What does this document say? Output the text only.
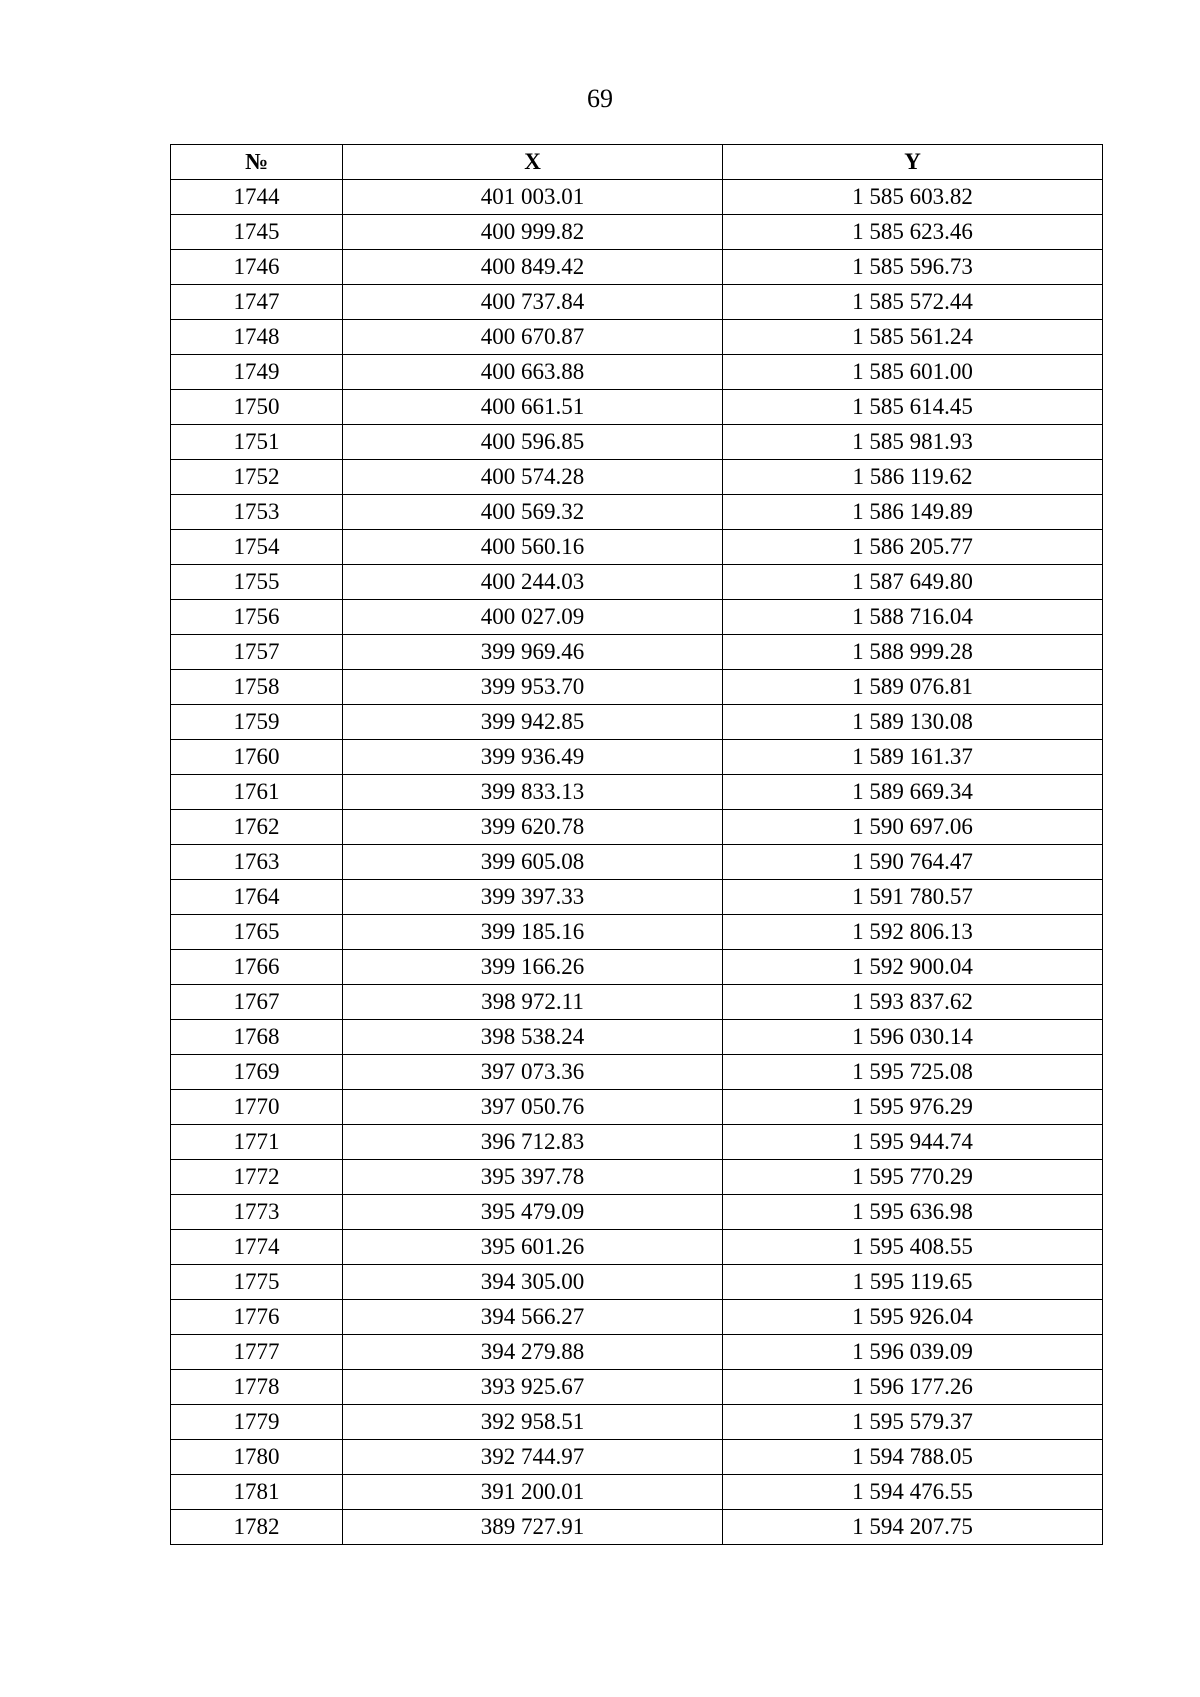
69
№	X	Y
1744	401 003.01	1 585 603.82
1745	400 999.82	1 585 623.46
1746	400 849.42	1 585 596.73
1747	400 737.84	1 585 572.44
1748	400 670.87	1 585 561.24
1749	400 663.88	1 585 601.00
1750	400 661.51	1 585 614.45
1751	400 596.85	1 585 981.93
1752	400 574.28	1 586 119.62
1753	400 569.32	1 586 149.89
1754	400 560.16	1 586 205.77
1755	400 244.03	1 587 649.80
1756	400 027.09	1 588 716.04
1757	399 969.46	1 588 999.28
1758	399 953.70	1 589 076.81
1759	399 942.85	1 589 130.08
1760	399 936.49	1 589 161.37
1761	399 833.13	1 589 669.34
1762	399 620.78	1 590 697.06
1763	399 605.08	1 590 764.47
1764	399 397.33	1 591 780.57
1765	399 185.16	1 592 806.13
1766	399 166.26	1 592 900.04
1767	398 972.11	1 593 837.62
1768	398 538.24	1 596 030.14
1769	397 073.36	1 595 725.08
1770	397 050.76	1 595 976.29
1771	396 712.83	1 595 944.74
1772	395 397.78	1 595 770.29
1773	395 479.09	1 595 636.98
1774	395 601.26	1 595 408.55
1775	394 305.00	1 595 119.65
1776	394 566.27	1 595 926.04
1777	394 279.88	1 596 039.09
1778	393 925.67	1 596 177.26
1779	392 958.51	1 595 579.37
1780	392 744.97	1 594 788.05
1781	391 200.01	1 594 476.55
1782	389 727.91	1 594 207.75
